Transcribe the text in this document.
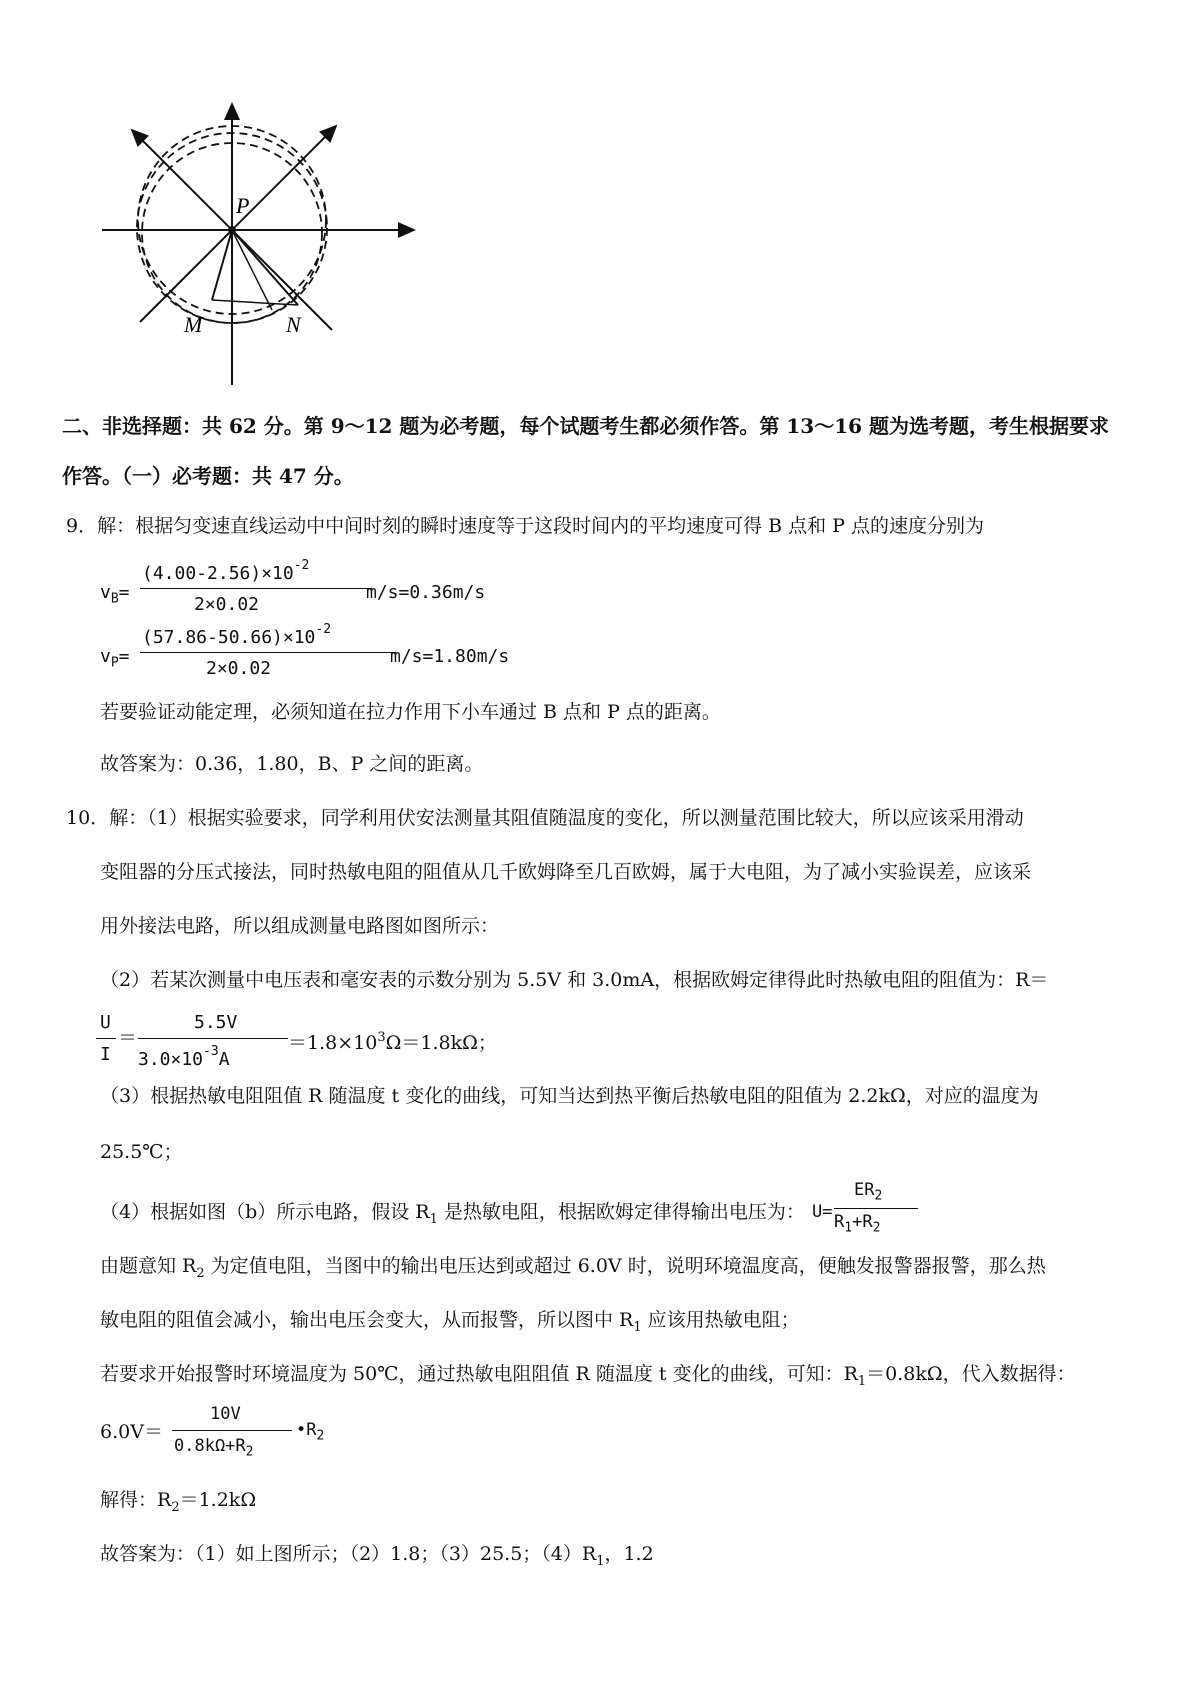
P
M	N
二、非选择题：共 62 分。第 9～12 题为必考题，每个试题考生都必须作答。第 13～16 题为选考题，考生根据要求
作答。（一）必考题：共 47 分。
9．解：根据匀变速直线运动中中间时刻的瞬时速度等于这段时间内的平均速度可得 B 点和 P 点的速度分别为
$v_B=$
$(4.00-2.56)\times 10^{-2}$
2×0.02
m/s=0.36m/s
$v_P=$
$(57.86-50.66)\times 10^{-2}$
2×0.02
m/s=1.80m/s
若要验证动能定理，必须知道在拉力作用下小车通过 B 点和 P 点的距离。
故答案为：0.36，1.80，B、P 之间的距离。
10．解：（1）根据实验要求，同学利用伏安法测量其阻值随温度的变化，所以测量范围比较大，所以应该采用滑动
变阻器的分压式接法，同时热敏电阻的阻值从几千欧姆降至几百欧姆，属于大电阻，为了减小实验误差，应该采
用外接法电路，所以组成测量电路图如图所示：
（2）若某次测量中电压表和毫安表的示数分别为 5.5V 和 3.0mA，根据欧姆定律得此时热敏电阻的阻值为：R＝
U
I
＝
5.5V
$3.0\times 10^{-3}A$
$=1.8\times 10^3\Omega=1.8k\Omega$；
（3）根据热敏电阻阻值 R 随温度 t 变化的曲线，可知当达到热平衡后热敏电阻的阻值为 2.2kΩ，对应的温度为
25.5℃；
（4）根据如图（b）所示电路，假设 $R_1$ 是热敏电阻，根据欧姆定律得输出电压为： U=
$ER_2$
$R_1+R_2$
由题意知 $R_2$ 为定值电阻，当图中的输出电压达到或超过 6.0V 时，说明环境温度高，便触发报警器报警，那么热
敏电阻的阻值会减小，输出电压会变大，从而报警，所以图中 $R_1$ 应该用热敏电阻；
若要求开始报警时环境温度为 50℃，通过热敏电阻阻值 R 随温度 t 变化的曲线，可知：$R_1=0.8k\Omega$，代入数据得：
6.0V＝
10V
$0.8k\Omega+R_2$
$•R_2$
解得：$R_2=1.2k\Omega$
故答案为：（1）如上图所示；（2）1.8；（3）25.5；$(4)R_1$，1.2
